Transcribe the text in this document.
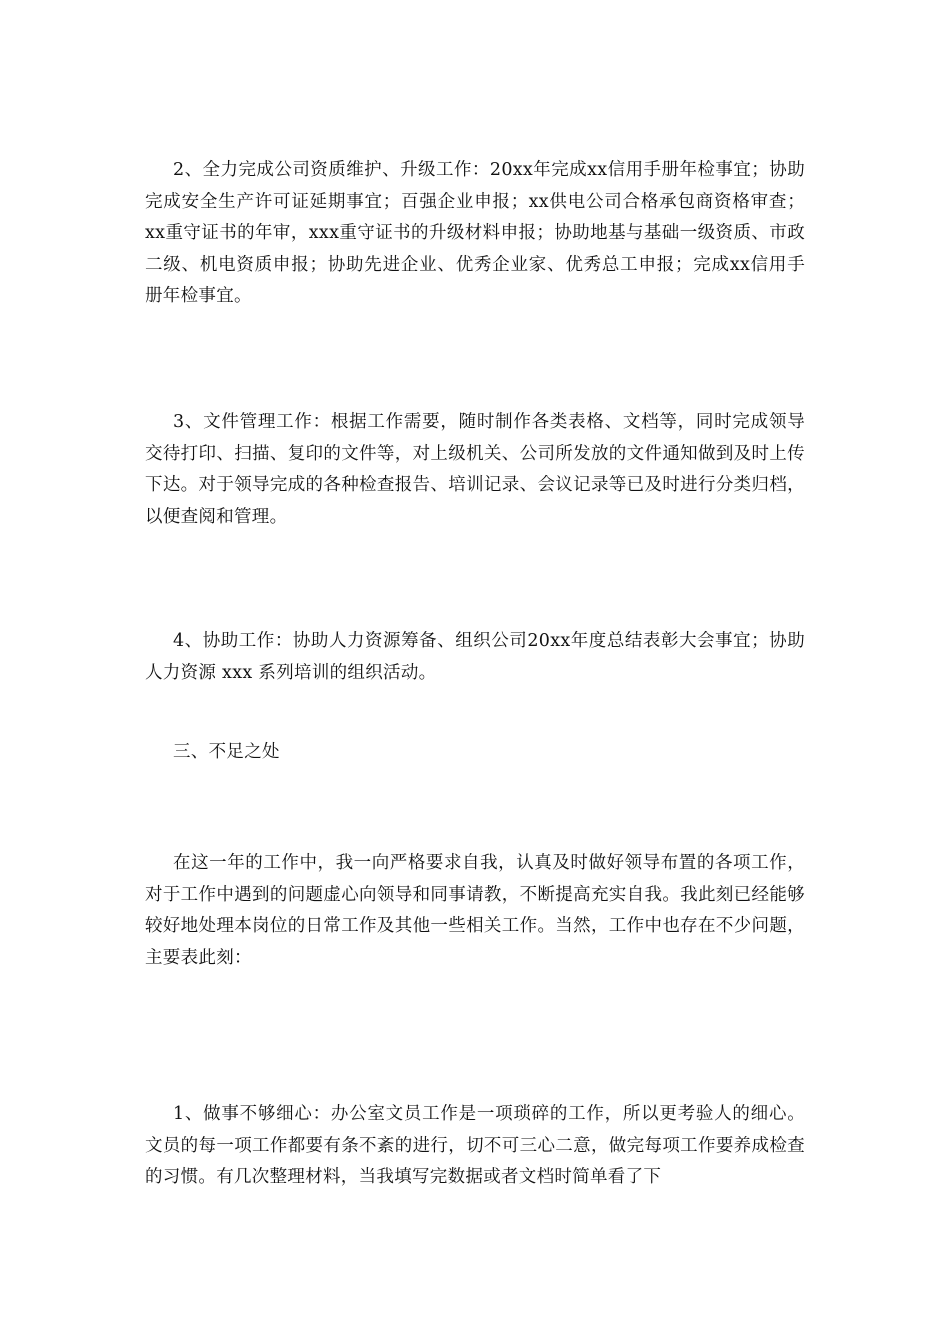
2、全力完成公司资质维护、升级工作：20xx年完成xx信用手册年检事宜；协助完成安全生产许可证延期事宜；百强企业申报；xx供电公司合格承包商资格审查；xx重守证书的年审，xxx重守证书的升级材料申报；协助地基与基础一级资质、市政二级、机电资质申报；协助先进企业、优秀企业家、优秀总工申报；完成xx信用手册年检事宜。

3、文件管理工作：根据工作需要，随时制作各类表格、文档等，同时完成领导交待打印、扫描、复印的文件等，对上级机关、公司所发放的文件通知做到及时上传下达。对于领导完成的各种检查报告、培训记录、会议记录等已及时进行分类归档，以便查阅和管理。

4、协助工作：协助人力资源筹备、组织公司20xx年度总结表彰大会事宜；协助人力资源 xxx 系列培训的组织活动。

三、不足之处

在这一年的工作中，我一向严格要求自我，认真及时做好领导布置的各项工作，对于工作中遇到的问题虚心向领导和同事请教，不断提高充实自我。我此刻已经能够较好地处理本岗位的日常工作及其他一些相关工作。当然，工作中也存在不少问题，主要表此刻：

1、做事不够细心：办公室文员工作是一项琐碎的工作，所以更考验人的细心。文员的每一项工作都要有条不紊的进行，切不可三心二意，做完每项工作要养成检查的习惯。有几次整理材料，当我填写完数据或者文档时简单看了下
